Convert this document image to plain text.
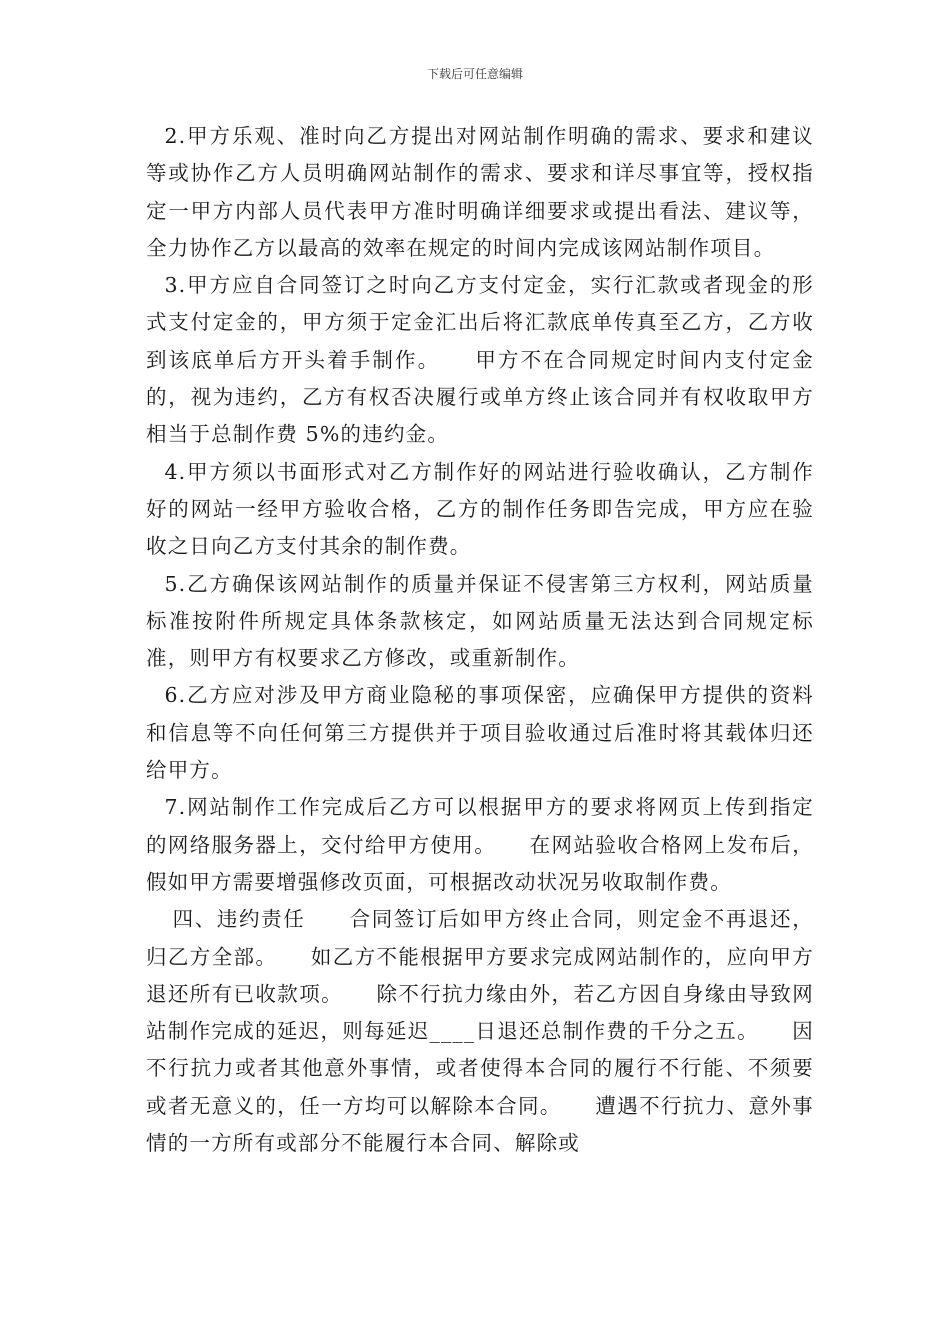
下载后可任意编辑

2.甲方乐观、准时向乙方提出对网站制作明确的需求、要求和建议等或协作乙方人员明确网站制作的需求、要求和详尽事宜等，授权指定一甲方内部人员代表甲方准时明确详细要求或提出看法、建议等，全力协作乙方以最高的效率在规定的时间内完成该网站制作项目。

3.甲方应自合同签订之时向乙方支付定金，实行汇款或者现金的形式支付定金的，甲方须于定金汇出后将汇款底单传真至乙方，乙方收到该底单后方开头着手制作。　　甲方不在合同规定时间内支付定金的，视为违约，乙方有权否决履行或单方终止该合同并有权收取甲方相当于总制作费 5%的违约金。

4.甲方须以书面形式对乙方制作好的网站进行验收确认，乙方制作好的网站一经甲方验收合格，乙方的制作任务即告完成，甲方应在验收之日向乙方支付其余的制作费。

5.乙方确保该网站制作的质量并保证不侵害第三方权利，网站质量标准按附件所规定具体条款核定，如网站质量无法达到合同规定标准，则甲方有权要求乙方修改，或重新制作。

6.乙方应对涉及甲方商业隐秘的事项保密，应确保甲方提供的资料和信息等不向任何第三方提供并于项目验收通过后准时将其载体归还给甲方。

7.网站制作工作完成后乙方可以根据甲方的要求将网页上传到指定的网络服务器上，交付给甲方使用。　　在网站验收合格网上发布后，假如甲方需要增强修改页面，可根据改动状况另收取制作费。

四、违约责任　　合同签订后如甲方终止合同，则定金不再退还，归乙方全部。　　如乙方不能根据甲方要求完成网站制作的，应向甲方退还所有已收款项。　　除不行抗力缘由外，若乙方因自身缘由导致网站制作完成的延迟，则每延迟____日退还总制作费的千分之五。　　因不行抗力或者其他意外事情，或者使得本合同的履行不行能、不须要或者无意义的，任一方均可以解除本合同。　　遭遇不行抗力、意外事情的一方所有或部分不能履行本合同、解除或
